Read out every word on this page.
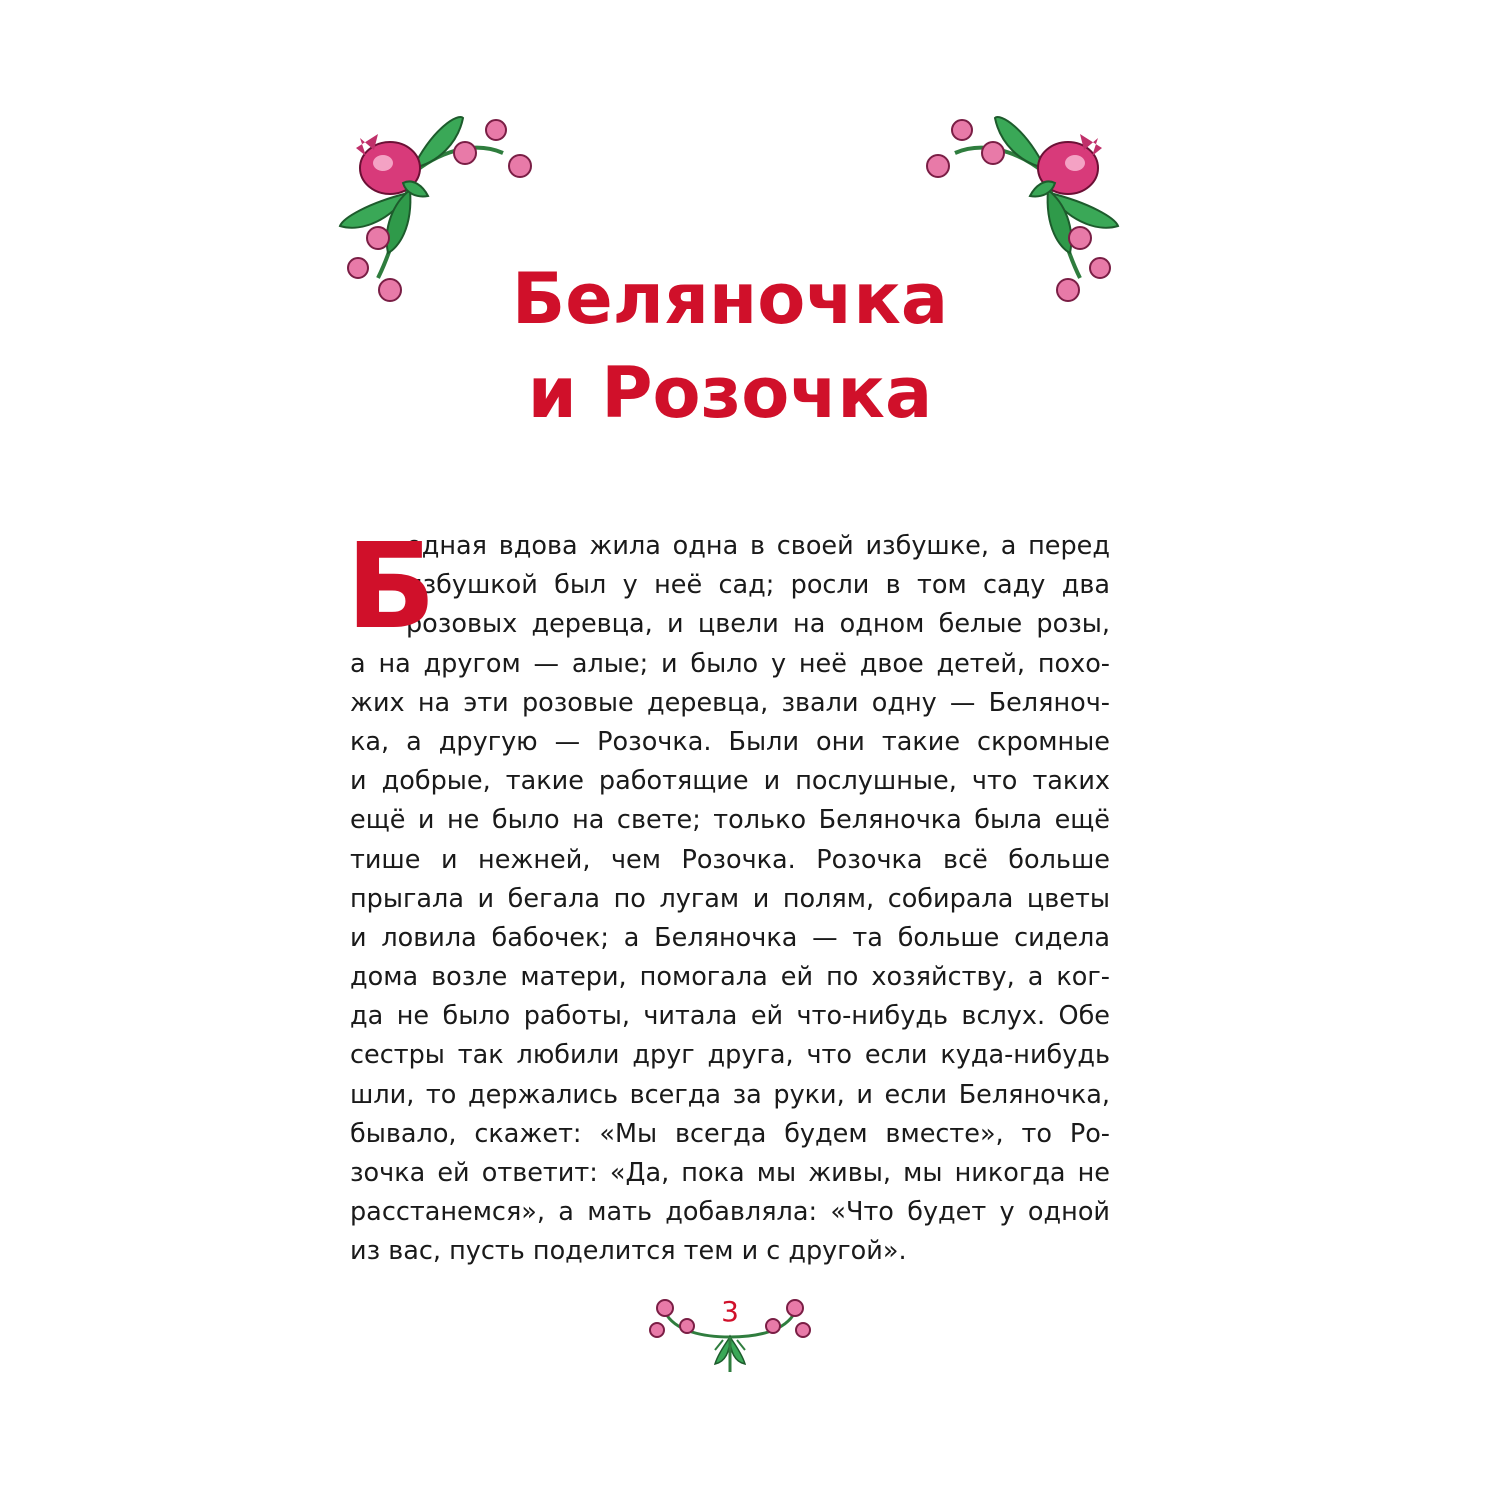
Беляночка
и Розочка
Б
едная вдова жила одна в своей избушке, а перед
избушкой был у неё сад; росли в том саду два
розовых деревца, и цвели на одном белые розы,
а на другом — алые; и было у неё двое детей, похо-
жих на эти розовые деревца, звали одну — Беляноч-
ка, а другую — Розочка. Были они такие скромные
и добрые, такие работящие и послушные, что таких
ещё и не было на свете; только Беляночка была ещё
тише и нежней, чем Розочка. Розочка всё больше
прыгала и бегала по лугам и полям, собирала цветы
и ловила бабочек; а Беляночка — та больше сидела
дома возле матери, помогала ей по хозяйству, а ког-
да не было работы, читала ей что-нибудь вслух. Обе
сестры так любили друг друга, что если куда-нибудь
шли, то держались всегда за руки, и если Беляночка,
бывало, скажет: «Мы всегда будем вместе», то Ро-
зочка ей ответит: «Да, пока мы живы, мы никогда не
расстанемся», а мать добавляла: «Что будет у одной
из вас, пусть поделится тем и с другой».
3
